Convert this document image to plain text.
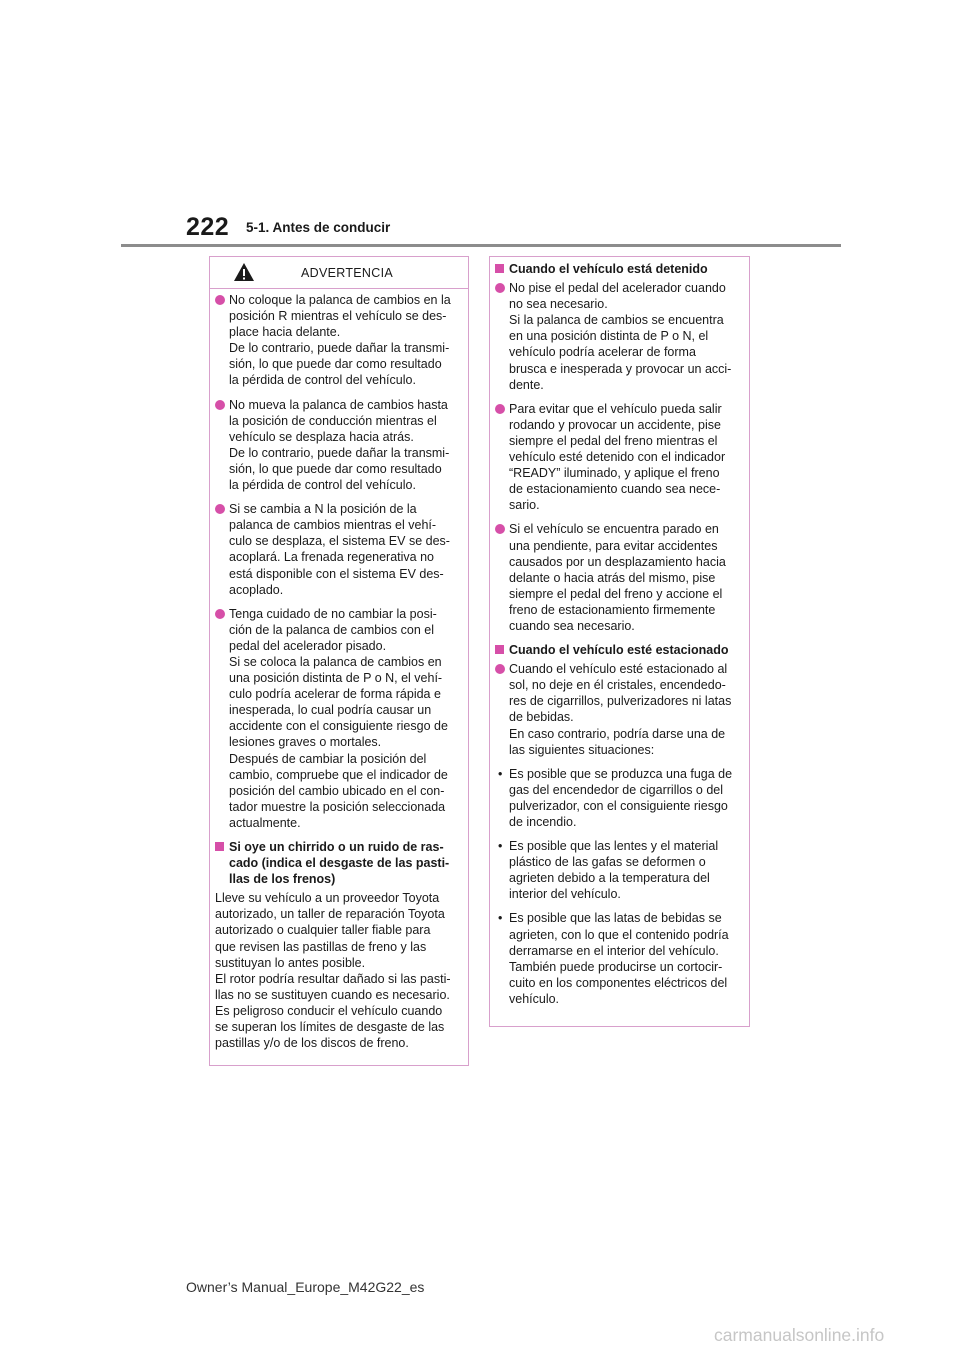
222 5-1. Antes de conducir
ADVERTENCIA
No coloque la palanca de cambios en la
posición R mientras el vehículo se des-
place hacia delante.
De lo contrario, puede dañar la transmi-
sión, lo que puede dar como resultado
la pérdida de control del vehículo.
No mueva la palanca de cambios hasta
la posición de conducción mientras el
vehículo se desplaza hacia atrás.
De lo contrario, puede dañar la transmi-
sión, lo que puede dar como resultado
la pérdida de control del vehículo.
Si se cambia a N la posición de la
palanca de cambios mientras el vehí-
culo se desplaza, el sistema EV se des-
acoplará. La frenada regenerativa no
está disponible con el sistema EV des-
acoplado.
Tenga cuidado de no cambiar la posi-
ción de la palanca de cambios con el
pedal del acelerador pisado.
Si se coloca la palanca de cambios en
una posición distinta de P o N, el vehí-
culo podría acelerar de forma rápida e
inesperada, lo cual podría causar un
accidente con el consiguiente riesgo de
lesiones graves o mortales.
Después de cambiar la posición del
cambio, compruebe que el indicador de
posición del cambio ubicado en el con-
tador muestre la posición seleccionada
actualmente.
Si oye un chirrido o un ruido de ras-
cado (indica el desgaste de las pasti-
llas de los frenos)
Lleve su vehículo a un proveedor Toyota
autorizado, un taller de reparación Toyota
autorizado o cualquier taller fiable para
que revisen las pastillas de freno y las
sustituyan lo antes posible.
El rotor podría resultar dañado si las pasti-
llas no se sustituyen cuando es necesario.
Es peligroso conducir el vehículo cuando
se superan los límites de desgaste de las
pastillas y/o de los discos de freno.
Cuando el vehículo está detenido
No pise el pedal del acelerador cuando
no sea necesario.
Si la palanca de cambios se encuentra
en una posición distinta de P o N, el
vehículo podría acelerar de forma
brusca e inesperada y provocar un acci-
dente.
Para evitar que el vehículo pueda salir
rodando y provocar un accidente, pise
siempre el pedal del freno mientras el
vehículo esté detenido con el indicador
“READY” iluminado, y aplique el freno
de estacionamiento cuando sea nece-
sario.
Si el vehículo se encuentra parado en
una pendiente, para evitar accidentes
causados por un desplazamiento hacia
delante o hacia atrás del mismo, pise
siempre el pedal del freno y accione el
freno de estacionamiento firmemente
cuando sea necesario.
Cuando el vehículo esté estacionado
Cuando el vehículo esté estacionado al
sol, no deje en él cristales, encendedo-
res de cigarrillos, pulverizadores ni latas
de bebidas.
En caso contrario, podría darse una de
las siguientes situaciones:
• Es posible que se produzca una fuga de
gas del encendedor de cigarrillos o del
pulverizador, con el consiguiente riesgo
de incendio.
• Es posible que las lentes y el material
plástico de las gafas se deformen o
agrieten debido a la temperatura del
interior del vehículo.
• Es posible que las latas de bebidas se
agrieten, con lo que el contenido podría
derramarse en el interior del vehículo.
También puede producirse un cortocir-
cuito en los componentes eléctricos del
vehículo.
Owner’s Manual_Europe_M42G22_es
carmanualsonline.info
